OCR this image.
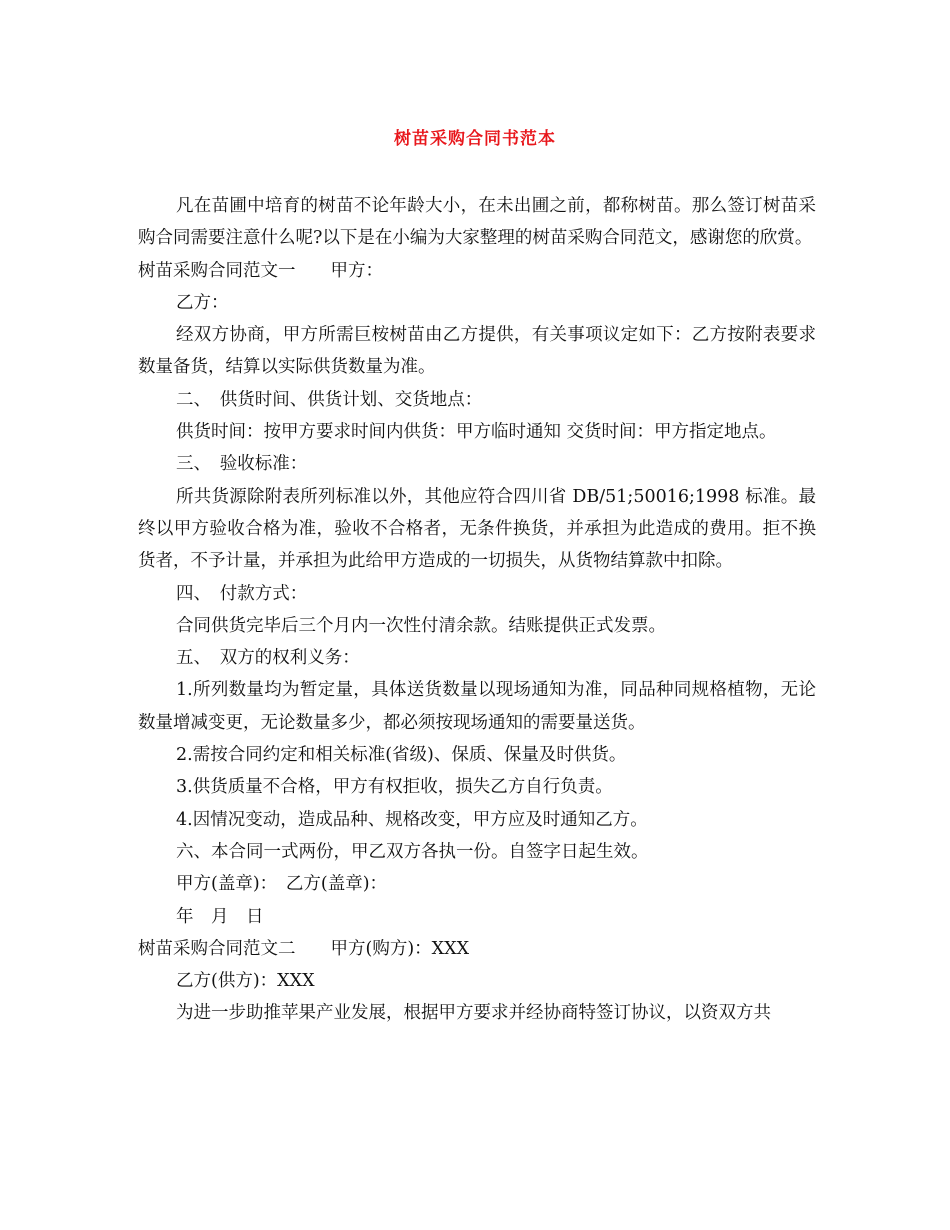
树苗采购合同书范本

凡在苗圃中培育的树苗不论年龄大小，在未出圃之前，都称树苗。那么签订树苗采购合同需要注意什么呢?以下是在小编为大家整理的树苗采购合同范文，感谢您的欣赏。

树苗采购合同范文一　　甲方：

乙方：

经双方协商，甲方所需巨桉树苗由乙方提供，有关事项议定如下：乙方按附表要求数量备货，结算以实际供货数量为准。

二、　供货时间、供货计划、交货地点：

供货时间：按甲方要求时间内供货：甲方临时通知 交货时间：甲方指定地点。

三、　验收标准：

所共货源除附表所列标准以外，其他应符合四川省 DB/51;50016;1998 标准。最终以甲方验收合格为准，验收不合格者，无条件换货，并承担为此造成的费用。拒不换货者，不予计量，并承担为此给甲方造成的一切损失，从货物结算款中扣除。

四、　付款方式：

合同供货完毕后三个月内一次性付清余款。结账提供正式发票。

五、　双方的权利义务：

1.所列数量均为暂定量，具体送货数量以现场通知为准，同品种同规格植物，无论数量增减变更，无论数量多少，都必须按现场通知的需要量送货。

2.需按合同约定和相关标准(省级)、保质、保量及时供货。

3.供货质量不合格，甲方有权拒收，损失乙方自行负责。

4.因情况变动，造成品种、规格改变，甲方应及时通知乙方。

六、本合同一式两份，甲乙双方各执一份。自签字日起生效。

甲方(盖章)：　乙方(盖章)：

年　月　日

树苗采购合同范文二　　甲方(购方)：XXX

乙方(供方)：XXX

为进一步助推苹果产业发展，根据甲方要求并经协商特签订协议，以资双方共
